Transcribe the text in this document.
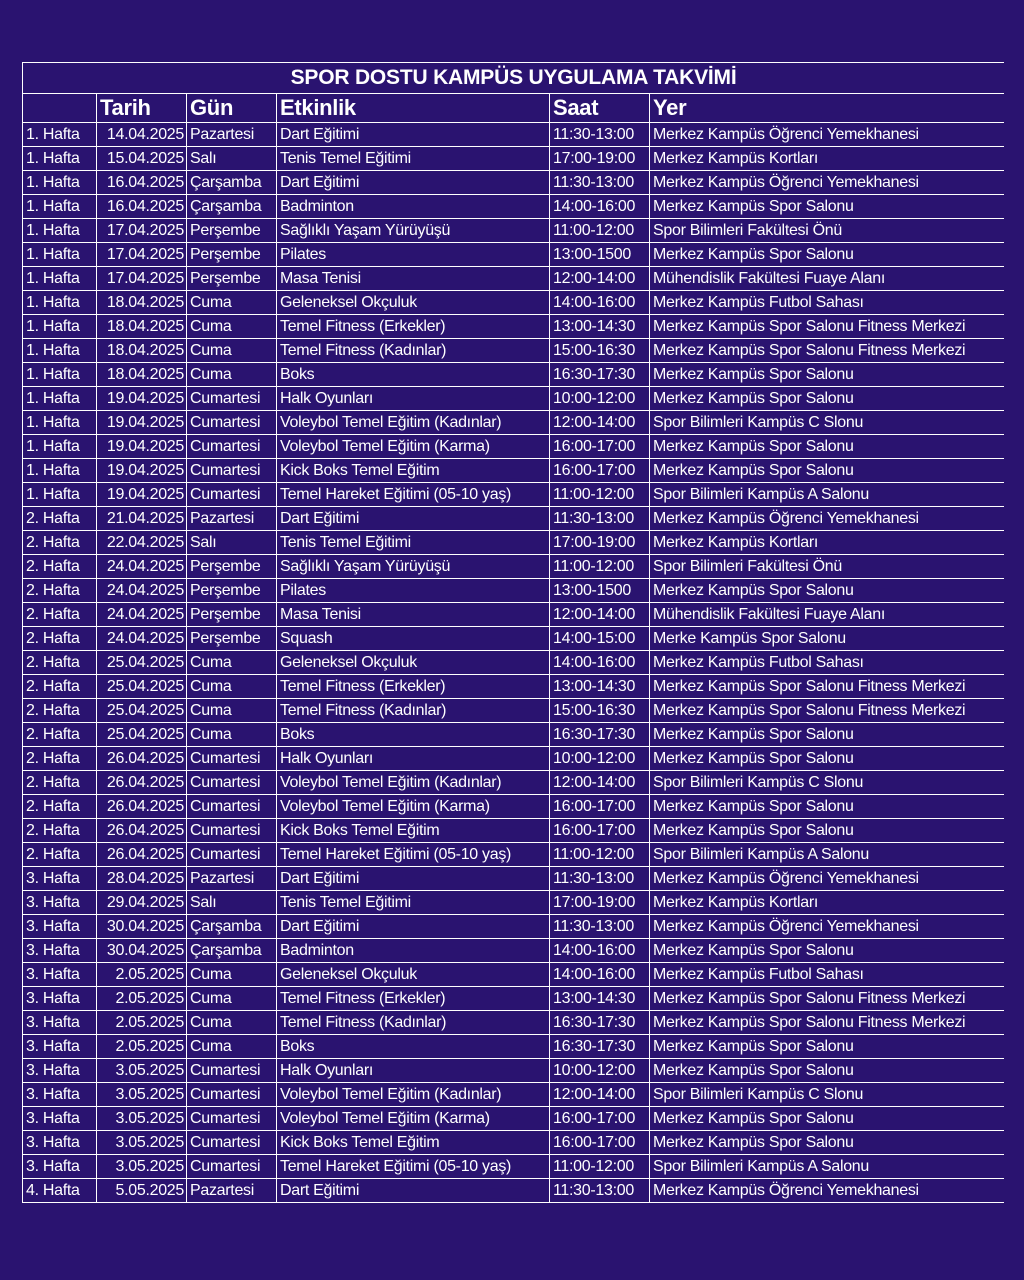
SPOR DOSTU KAMPÜS UYGULAMA TAKVİMİ					
	Tarih	Gün	Etkinlik	Saat	Yer
1. Hafta	14.04.2025	Pazartesi	Dart Eğitimi	11:30-13:00	Merkez Kampüs Öğrenci Yemekhanesi
1. Hafta	15.04.2025	Salı	Tenis Temel Eğitimi	17:00-19:00	Merkez Kampüs Kortları
1. Hafta	16.04.2025	Çarşamba	Dart Eğitimi	11:30-13:00	Merkez Kampüs Öğrenci Yemekhanesi
1. Hafta	16.04.2025	Çarşamba	Badminton	14:00-16:00	Merkez Kampüs Spor Salonu
1. Hafta	17.04.2025	Perşembe	Sağlıklı Yaşam Yürüyüşü	11:00-12:00	Spor Bilimleri Fakültesi Önü
1. Hafta	17.04.2025	Perşembe	Pilates	13:00-1500	Merkez Kampüs Spor Salonu
1. Hafta	17.04.2025	Perşembe	Masa Tenisi	12:00-14:00	Mühendislik Fakültesi Fuaye Alanı
1. Hafta	18.04.2025	Cuma	Geleneksel Okçuluk	14:00-16:00	Merkez Kampüs Futbol Sahası
1. Hafta	18.04.2025	Cuma	Temel Fitness (Erkekler)	13:00-14:30	Merkez Kampüs Spor Salonu Fitness Merkezi
1. Hafta	18.04.2025	Cuma	Temel Fitness (Kadınlar)	15:00-16:30	Merkez Kampüs Spor Salonu Fitness Merkezi
1. Hafta	18.04.2025	Cuma	Boks	16:30-17:30	Merkez Kampüs Spor Salonu
1. Hafta	19.04.2025	Cumartesi	Halk Oyunları	10:00-12:00	Merkez Kampüs Spor Salonu
1. Hafta	19.04.2025	Cumartesi	Voleybol Temel Eğitim (Kadınlar)	12:00-14:00	Spor Bilimleri Kampüs C Slonu
1. Hafta	19.04.2025	Cumartesi	Voleybol Temel Eğitim (Karma)	16:00-17:00	Merkez Kampüs Spor Salonu
1. Hafta	19.04.2025	Cumartesi	Kick Boks Temel Eğitim	16:00-17:00	Merkez Kampüs Spor Salonu
1. Hafta	19.04.2025	Cumartesi	Temel Hareket Eğitimi (05-10 yaş)	11:00-12:00	Spor Bilimleri Kampüs A Salonu
2. Hafta	21.04.2025	Pazartesi	Dart Eğitimi	11:30-13:00	Merkez Kampüs Öğrenci Yemekhanesi
2. Hafta	22.04.2025	Salı	Tenis Temel Eğitimi	17:00-19:00	Merkez Kampüs Kortları
2. Hafta	24.04.2025	Perşembe	Sağlıklı Yaşam Yürüyüşü	11:00-12:00	Spor Bilimleri Fakültesi Önü
2. Hafta	24.04.2025	Perşembe	Pilates	13:00-1500	Merkez Kampüs Spor Salonu
2. Hafta	24.04.2025	Perşembe	Masa Tenisi	12:00-14:00	Mühendislik Fakültesi Fuaye Alanı
2. Hafta	24.04.2025	Perşembe	Squash	14:00-15:00	Merke Kampüs Spor Salonu
2. Hafta	25.04.2025	Cuma	Geleneksel Okçuluk	14:00-16:00	Merkez Kampüs Futbol Sahası
2. Hafta	25.04.2025	Cuma	Temel Fitness (Erkekler)	13:00-14:30	Merkez Kampüs Spor Salonu Fitness Merkezi
2. Hafta	25.04.2025	Cuma	Temel Fitness (Kadınlar)	15:00-16:30	Merkez Kampüs Spor Salonu Fitness Merkezi
2. Hafta	25.04.2025	Cuma	Boks	16:30-17:30	Merkez Kampüs Spor Salonu
2. Hafta	26.04.2025	Cumartesi	Halk Oyunları	10:00-12:00	Merkez Kampüs Spor Salonu
2. Hafta	26.04.2025	Cumartesi	Voleybol Temel Eğitim (Kadınlar)	12:00-14:00	Spor Bilimleri Kampüs C Slonu
2. Hafta	26.04.2025	Cumartesi	Voleybol Temel Eğitim (Karma)	16:00-17:00	Merkez Kampüs Spor Salonu
2. Hafta	26.04.2025	Cumartesi	Kick Boks Temel Eğitim	16:00-17:00	Merkez Kampüs Spor Salonu
2. Hafta	26.04.2025	Cumartesi	Temel Hareket Eğitimi (05-10 yaş)	11:00-12:00	Spor Bilimleri Kampüs A Salonu
3. Hafta	28.04.2025	Pazartesi	Dart Eğitimi	11:30-13:00	Merkez Kampüs Öğrenci Yemekhanesi
3. Hafta	29.04.2025	Salı	Tenis Temel Eğitimi	17:00-19:00	Merkez Kampüs Kortları
3. Hafta	30.04.2025	Çarşamba	Dart Eğitimi	11:30-13:00	Merkez Kampüs Öğrenci Yemekhanesi
3. Hafta	30.04.2025	Çarşamba	Badminton	14:00-16:00	Merkez Kampüs Spor Salonu
3. Hafta	2.05.2025	Cuma	Geleneksel Okçuluk	14:00-16:00	Merkez Kampüs Futbol Sahası
3. Hafta	2.05.2025	Cuma	Temel Fitness (Erkekler)	13:00-14:30	Merkez Kampüs Spor Salonu Fitness Merkezi
3. Hafta	2.05.2025	Cuma	Temel Fitness (Kadınlar)	16:30-17:30	Merkez Kampüs Spor Salonu Fitness Merkezi
3. Hafta	2.05.2025	Cuma	Boks	16:30-17:30	Merkez Kampüs Spor Salonu
3. Hafta	3.05.2025	Cumartesi	Halk Oyunları	10:00-12:00	Merkez Kampüs Spor Salonu
3. Hafta	3.05.2025	Cumartesi	Voleybol Temel Eğitim (Kadınlar)	12:00-14:00	Spor Bilimleri Kampüs C Slonu
3. Hafta	3.05.2025	Cumartesi	Voleybol Temel Eğitim (Karma)	16:00-17:00	Merkez Kampüs Spor Salonu
3. Hafta	3.05.2025	Cumartesi	Kick Boks Temel Eğitim	16:00-17:00	Merkez Kampüs Spor Salonu
3. Hafta	3.05.2025	Cumartesi	Temel Hareket Eğitimi (05-10 yaş)	11:00-12:00	Spor Bilimleri Kampüs A Salonu
4. Hafta	5.05.2025	Pazartesi	Dart Eğitimi	11:30-13:00	Merkez Kampüs Öğrenci Yemekhanesi
